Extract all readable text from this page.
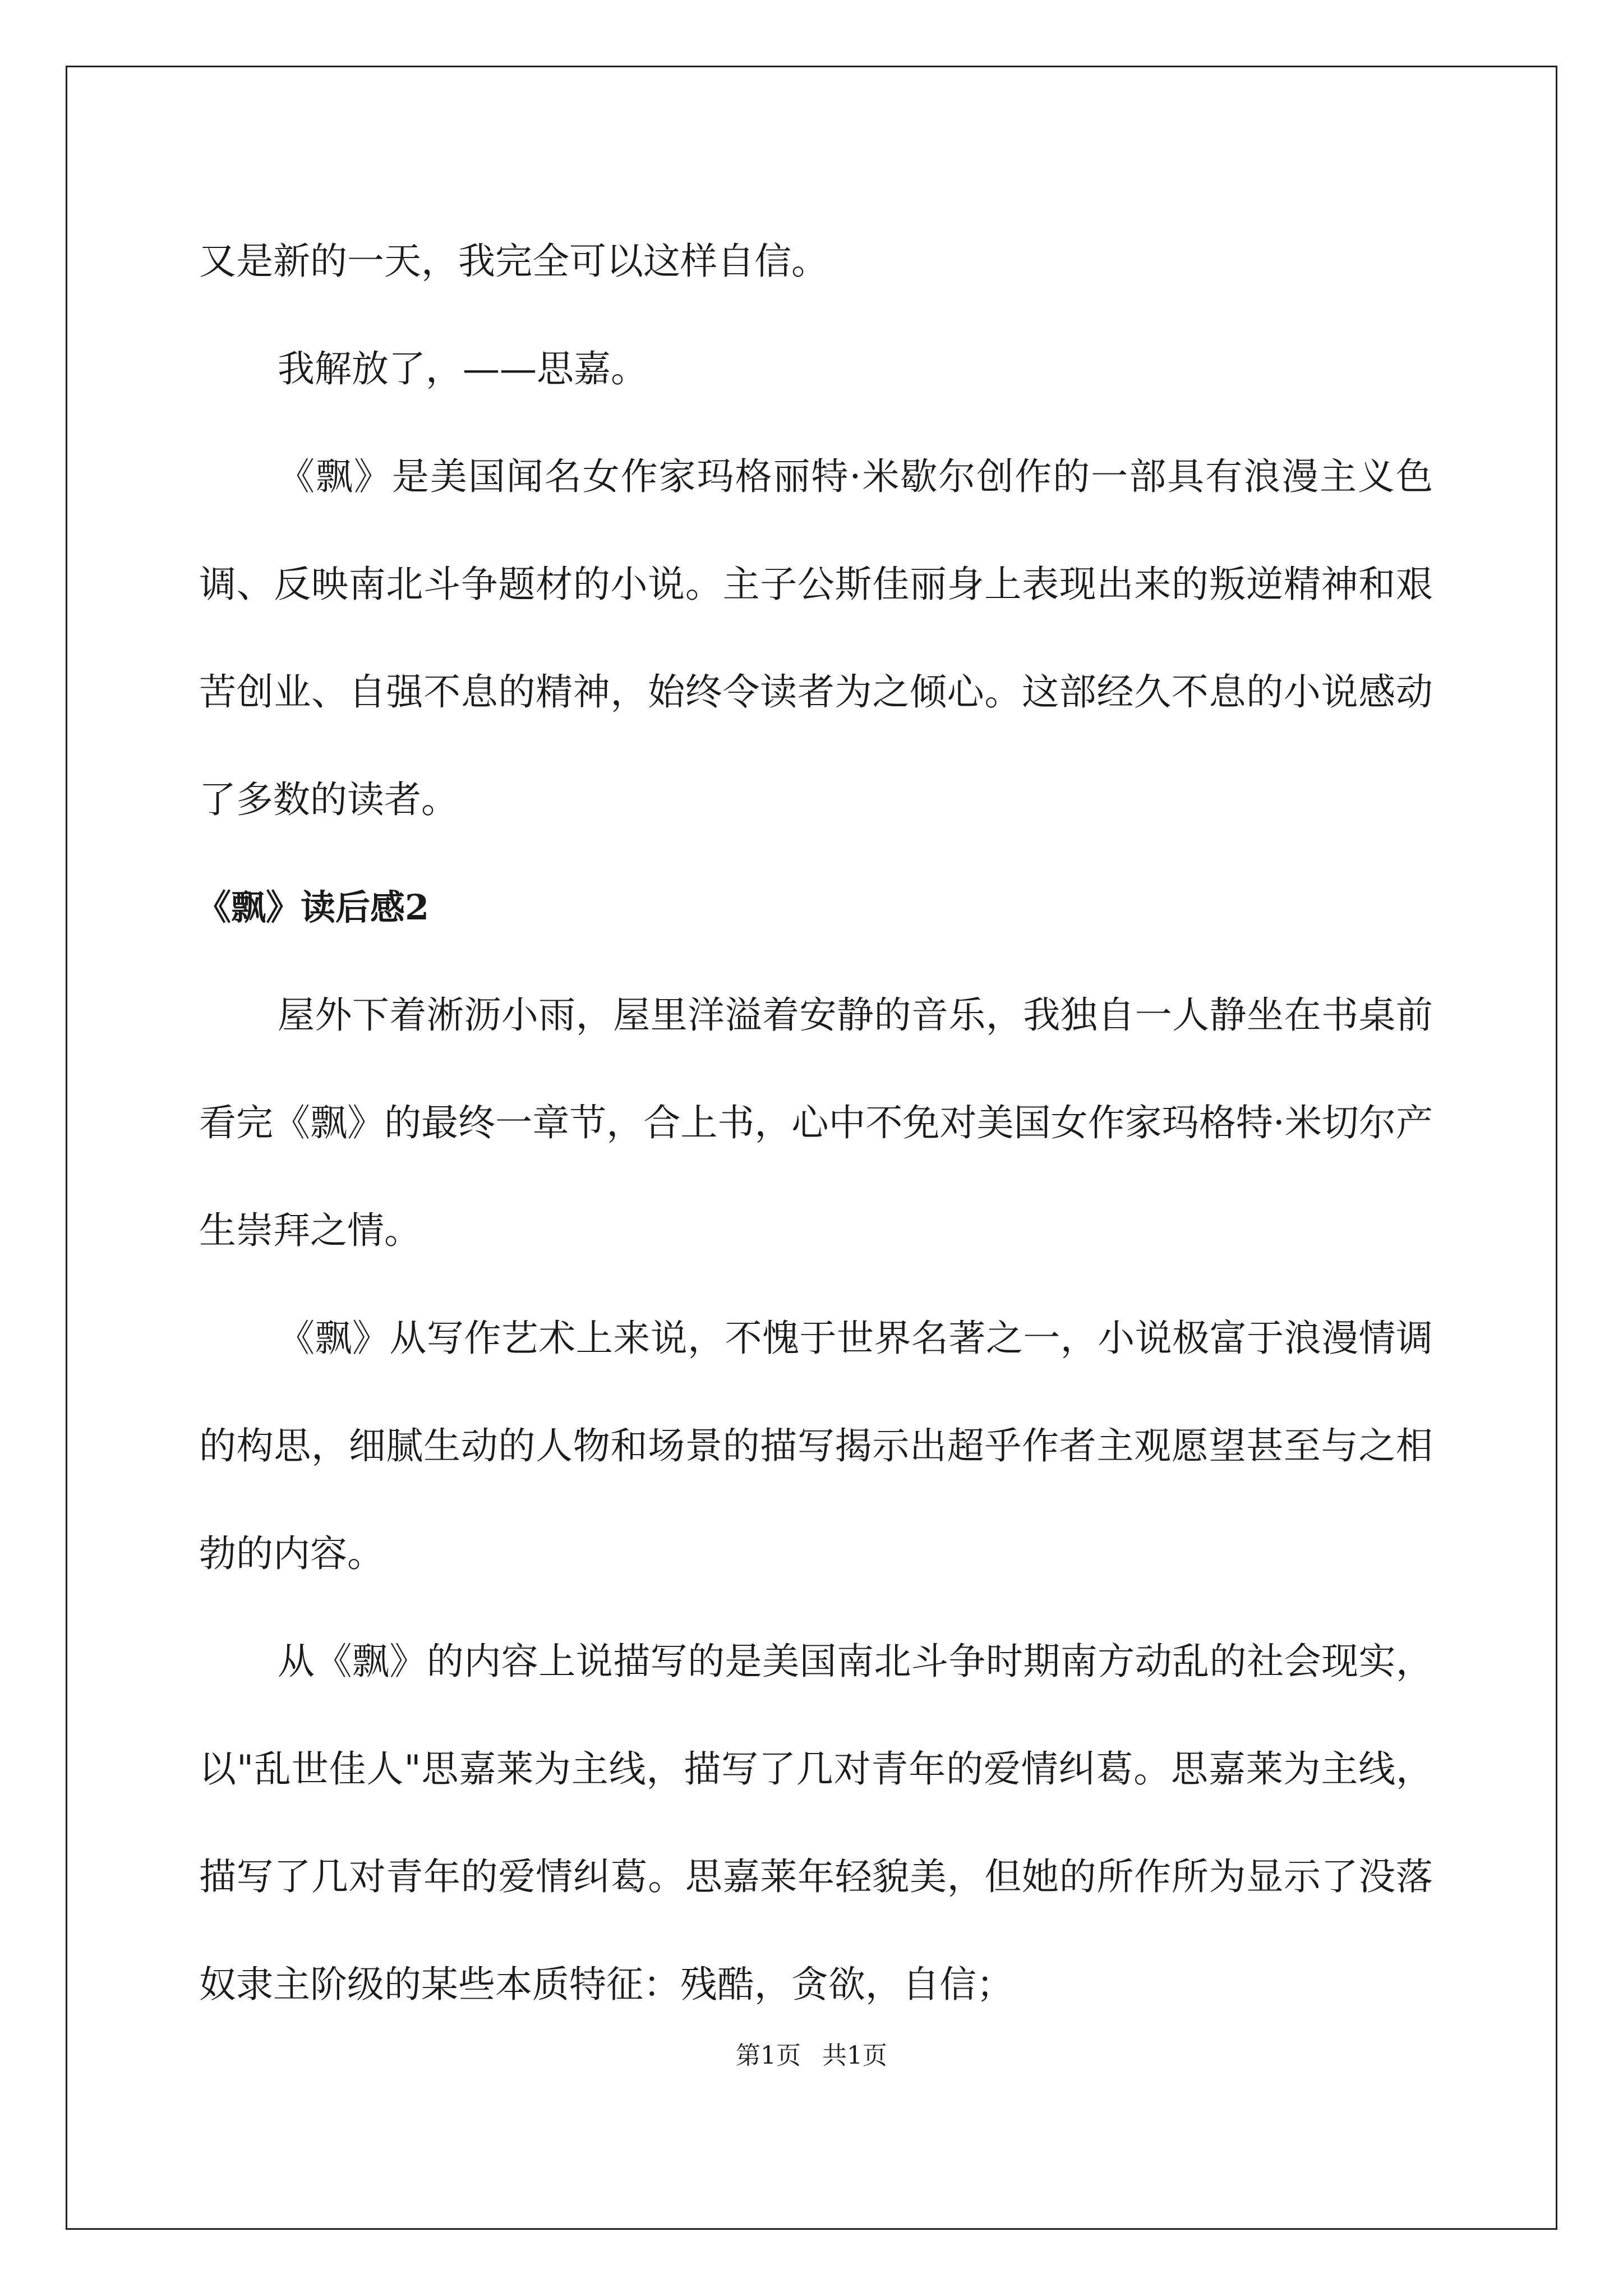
又是新的一天，我完全可以这样自信。

我解放了，——思嘉。

《飘》是美国闻名女作家玛格丽特·米歇尔创作的一部具有浪漫主义色调、反映南北斗争题材的小说。主子公斯佳丽身上表现出来的叛逆精神和艰苦创业、自强不息的精神，始终令读者为之倾心。这部经久不息的小说感动了多数的读者。

《飘》读后感2

屋外下着淅沥小雨，屋里洋溢着安静的音乐，我独自一人静坐在书桌前看完《飘》的最终一章节，合上书，心中不免对美国女作家玛格特·米切尔产生崇拜之情。

《飘》从写作艺术上来说，不愧于世界名著之一，小说极富于浪漫情调的构思，细腻生动的人物和场景的描写揭示出超乎作者主观愿望甚至与之相勃的内容。

从《飘》的内容上说描写的是美国南北斗争时期南方动乱的社会现实，以"乱世佳人"思嘉莱为主线，描写了几对青年的爱情纠葛。思嘉莱为主线，描写了几对青年的爱情纠葛。思嘉莱年轻貌美，但她的所作所为显示了没落奴隶主阶级的某些本质特征：残酷，贪欲，自信；

第1页 共1页
